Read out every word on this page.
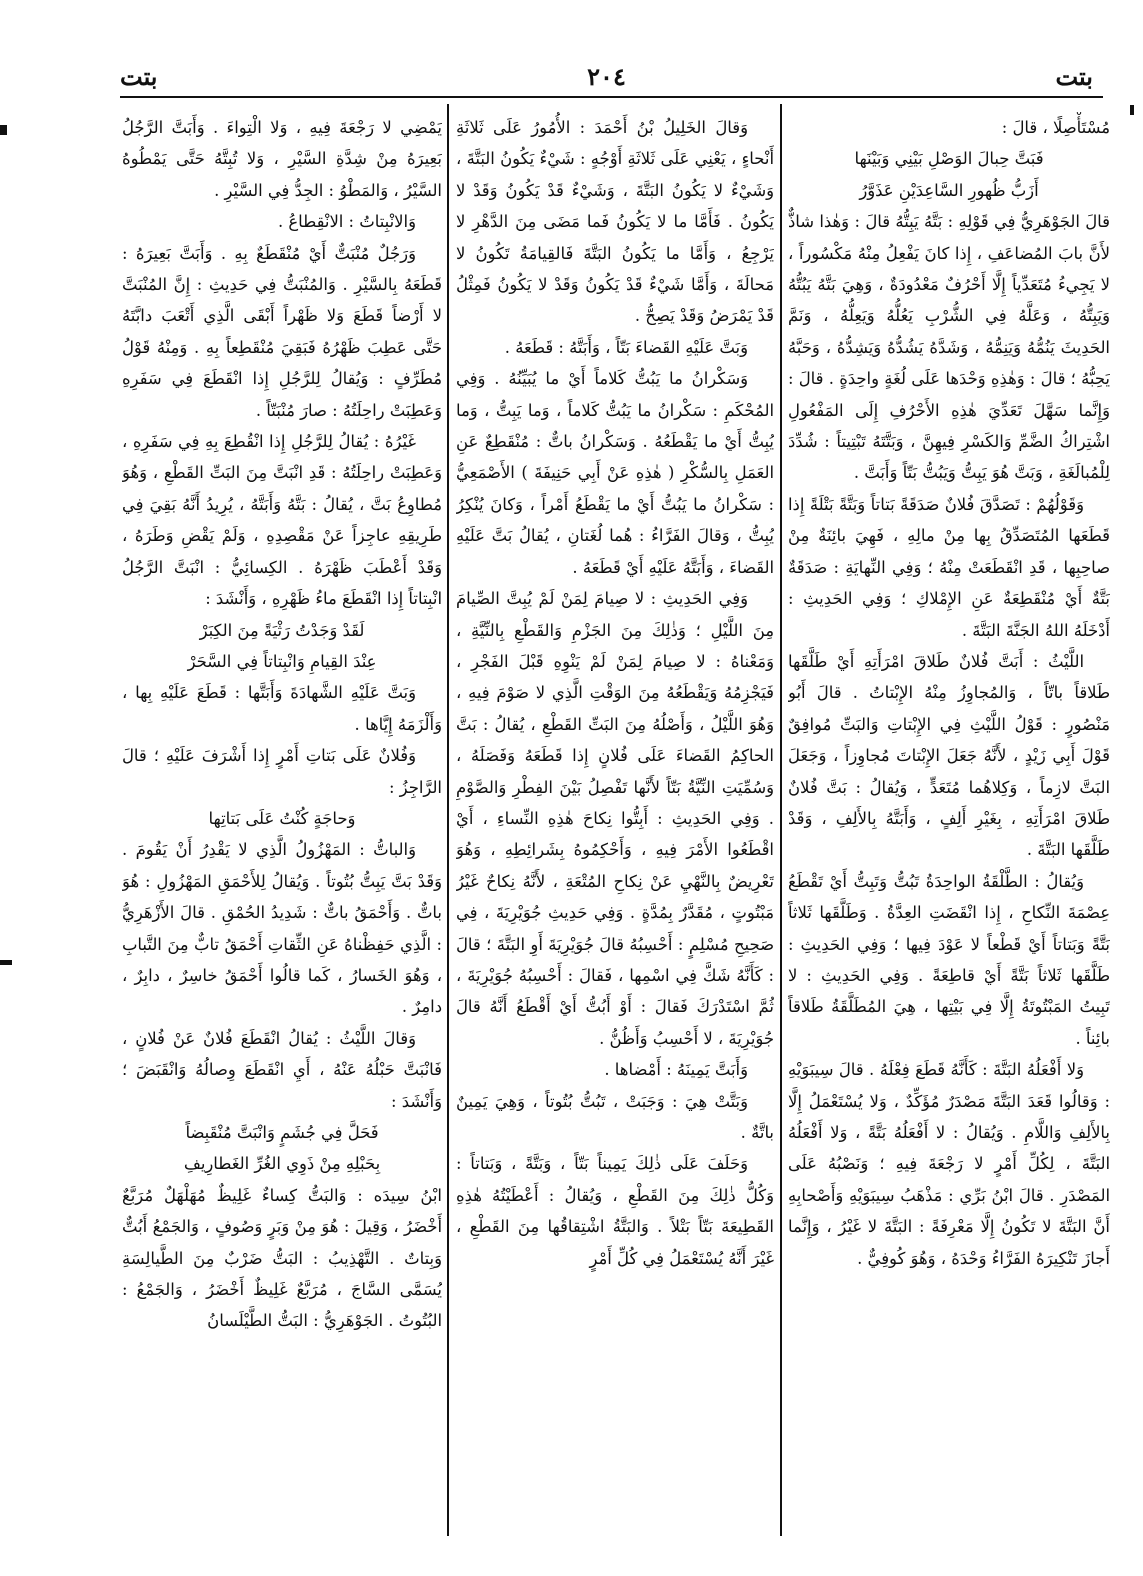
بتت	٢٠٤	بتت

مُسْتَأْصِلًا ، قالَ :

فَبَتَّ حِبالَ الوَصْلِ بَيْنِي وَبَيْنَها

أَزَبُّ ظُهورِ السَّاعِدَيْنِ عَذَوَّرُ

قالَ الجَوْهَرِيُّ فِي قَوْلِهِ : بَتَّهُ يَبِتُّهُ قالَ : وَهٰذا شاذٌّ لأَنَّ بابَ المُضاعَفِ ، إِذا كانَ يَفْعِلُ مِنْهُ مَكْسُوراً ، لا يَجِيءُ مُتَعَدِّياً إِلَّا أَحْرُفٌ مَعْدُودَةٌ ، وَهِيَ بَتَّهُ يَبُتُّهُ وَيَبِتُّهُ ، وَعَلَّهُ فِي الشُّرْبِ يَعُلُّهُ وَيَعِلُّهُ ، وَنَمَّ الحَدِيثَ يَنُمُّهُ وَيَنِمُّهُ ، وَشَدَّهُ يَشُدُّهُ وَيَشِدُّهُ ، وَحَبَّهُ يَحِبُّهُ ؛ قالَ : وَهٰذِهِ وَحْدَها عَلَى لُغَةٍ واحِدَةٍ . قالَ : وَإِنَّما سَهَّلَ تَعَدِّيَ هٰذِهِ الأَحْرُفِ إِلَى المَفْعُولِ اشْتِراكُ الضَّمِّ وَالكَسْرِ فِيهِنَّ ، وَبَتَّتَهُ تَبْتِيتاً : شُدِّدَ لِلْمُبالَغَةِ ، وَبَتَّ هُوَ يَبِتُّ وَيَبُتُّ بَتّاً وَأَبَتَّ .

وَقَوْلُهُمْ : تَصَدَّقَ فُلانٌ صَدَقَةً بَتاتاً وَبَتَّةً بَتْلَةً إِذا قَطَعَها المُتَصَدِّقُ بِها مِنْ مالِهِ ، فَهِيَ بائِنَةٌ مِنْ صاحِبِها ، قَدِ انْقَطَعَتْ مِنْهُ ؛ وَفِي النِّهايَةِ : صَدَقَةٌ بَتَّةٌ أَيْ مُنْقَطِعَةٌ عَنِ الإِمْلاكِ ؛ وَفِي الحَدِيثِ : أَدْخَلَهُ اللهُ الجَنَّةَ البَتَّةَ .

اللَّيْثُ : أَبَتَّ فُلانٌ طَلاقَ امْرَأَتِهِ أَيْ طَلَّقَها طَلاقاً باتّاً ، وَالمُجاوِزُ مِنْهُ الإِبْتاتُ . قالَ أَبُو مَنْصُورٍ : قَوْلُ اللَّيْثِ فِي الإِبْتاتِ وَالبَتِّ مُوافِقٌ قَوْلَ أَبِي زَيْدٍ ، لأَنَّهُ جَعَلَ الإِبْتاتَ مُجاوِزاً ، وَجَعَلَ البَتَّ لازِماً ، وَكِلاهُما مُتَعَدٍّ ، وَيُقالُ : بَتَّ فُلانٌ طَلاقَ امْرَأَتِهِ ، بِغَيْرِ أَلِفٍ ، وَأَبَتَّهُ بِالأَلِفِ ، وَقَدْ طَلَّقَها البَتَّةَ .

وَيُقالُ : الطَّلْقَةُ الواحِدَةُ تَبُتُّ وَتَبِتُّ أَيْ تَقْطَعُ عِصْمَةَ النِّكاحِ ، إِذا انْقَضَتِ العِدَّةُ . وَطَلَّقَها ثَلاثاً بَتَّةً وَبَتاتاً أَيْ قَطْعاً لا عَوْدَ فِيها ؛ وَفِي الحَدِيثِ : طَلَّقَها ثَلاثاً بَتَّةً أَيْ قاطِعَةً . وَفِي الحَدِيثِ : لا تَبِيتُ المَبْتُوتَةُ إِلَّا فِي بَيْتِها ، هِيَ المُطَلَّقَةُ طَلاقاً بائِناً .

وَلا أَفْعَلُهُ البَتَّةَ : كَأَنَّهُ قَطَعَ فِعْلَهُ . قالَ سِيبَوَيْهِ : وَقالُوا قَعَدَ البَتَّةَ مَصْدَرٌ مُؤَكِّدٌ ، وَلا يُسْتَعْمَلُ إِلَّا بِالأَلِفِ وَاللَّامِ . وَيُقالُ : لا أَفْعَلُهُ بَتَّةً ، وَلا أَفْعَلُهُ البَتَّةَ ، لِكُلِّ أَمْرٍ لا رَجْعَةَ فِيهِ ؛ وَنَصْبُهُ عَلَى المَصْدَرِ . قالَ ابْنُ بَرِّي : مَذْهَبُ سِيبَوَيْهِ وَأَصْحابِهِ أَنَّ البَتَّةَ لا تَكُونُ إِلَّا مَعْرِفَةً : البَتَّةَ لا غَيْرُ ، وَإِنَّما أَجازَ تَنْكِيرَهُ الفَرَّاءُ وَحْدَهُ ، وَهُوَ كُوفِيٌّ .

وَقالَ الخَلِيلُ بْنُ أَحْمَدَ : الأُمُورُ عَلَى ثَلاثَةِ أَنْحاءٍ ، يَعْنِي عَلَى ثَلاثَةِ أَوْجُهٍ : شَيْءٌ يَكُونُ البَتَّةَ ، وَشَيْءٌ لا يَكُونُ البَتَّةَ ، وَشَيْءٌ قَدْ يَكُونُ وَقَدْ لا يَكُونُ . فَأَمَّا ما لا يَكُونُ فَما مَضَى مِنَ الدَّهْرِ لا يَرْجِعُ ، وَأَمَّا ما يَكُونُ البَتَّةَ فَالقِيامَةُ تَكُونُ لا مَحالَةَ ، وَأَمَّا شَيْءٌ قَدْ يَكُونُ وَقَدْ لا يَكُونُ فَمِثْلُ قَدْ يَمْرَضُ وَقَدْ يَصِحُّ .

وَبَتَّ عَلَيْهِ القَضاءَ بَتّاً ، وَأَبَتَّهُ : قَطَعَهُ .

وَسَكْرانُ ما يَبُتُّ كَلاماً أَيْ ما يُبَيِّنُهُ . وَفِي المُحْكَمِ : سَكْرانُ ما يَبُتُّ كَلاماً ، وَما يَبِتُّ ، وَما يُبِتُّ أَيْ ما يَقْطَعُهُ . وَسَكْرانُ باتٌّ : مُنْقَطِعٌ عَنِ العَمَلِ بِالسُّكْرِ ( هٰذِهِ عَنْ أَبِي حَنِيفَةَ ) الأَصْمَعِيُّ : سَكْرانُ ما يَبُتُّ أَيْ ما يَقْطَعُ أَمْراً ، وَكانَ يُنْكِرُ يُبِتُّ ، وَقالَ الفَرَّاءُ : هُما لُغَتانِ ، يُقالُ بَتَّ عَلَيْهِ القَضاءَ ، وَأَبَتَّهُ عَلَيْهِ أَيْ قَطَعَهُ .

وَفِي الحَدِيثِ : لا صِيامَ لِمَنْ لَمْ يُبِتَّ الصِّيامَ مِنَ اللَّيْلِ ؛ وَذٰلِكَ مِنَ الجَزْمِ وَالقَطْعِ بِالنِّيَّةِ ، وَمَعْناهُ : لا صِيامَ لِمَنْ لَمْ يَنْوِهِ قَبْلَ الفَجْرِ ، فَيَجْزِمُهُ وَيَقْطَعُهُ مِنَ الوَقْتِ الَّذِي لا صَوْمَ فِيهِ ، وَهُوَ اللَّيْلُ ، وَأَصْلُهُ مِنَ البَتِّ القَطْعِ ، يُقالُ : بَتَّ الحاكِمُ القَضاءَ عَلَى فُلانٍ إِذا قَطَعَهُ وَفَصَلَهُ ، وَسُمِّيَتِ النِّيَّةُ بَتّاً لأَنَّها تَفْصِلُ بَيْنَ الفِطْرِ وَالصَّوْمِ . وَفِي الحَدِيثِ : أَبِتُّوا نِكاحَ هٰذِهِ النِّساءِ ، أَيْ اقْطَعُوا الأَمْرَ فِيهِ ، وَأَحْكِمُوهُ بِشَرائِطِهِ ، وَهُوَ تَعْرِيضٌ بِالنَّهْيِ عَنْ نِكاحِ المُتْعَةِ ، لأَنَّهُ نِكاحٌ غَيْرُ مَبْتُوتٍ ، مُقَدَّرٌ بِمُدَّةٍ . وَفِي حَدِيثِ جُوَيْرِيَةَ ، فِي صَحِيحِ مُسْلِمٍ : أَحْسِبُهُ قالَ جُوَيْرِيَةَ أَوِ البَتَّةَ ؛ قالَ : كَأَنَّهُ شَكَّ فِي اسْمِها ، فَقالَ : أَحْسِبُهُ جُوَيْرِيَةَ ، ثُمَّ اسْتَدْرَكَ فَقالَ : أَوْ أَبُتُّ أَيْ أَقْطَعُ أَنَّهُ قالَ جُوَيْرِيَةَ ، لا أَحْسِبُ وَأَظُنُّ .

وَأَبَتَّ يَمِينَهُ : أَمْضاها .

وَبَتَّتْ هِيَ : وَجَبَتْ ، تَبُتُّ بُتُوتاً ، وَهِيَ يَمِينٌ باتَّةٌ .

وَحَلَفَ عَلَى ذٰلِكَ يَمِيناً بَتّاً ، وَبَتَّةً ، وَبَتاتاً : وَكُلُّ ذٰلِكَ مِنَ القَطْعِ ، وَيُقالُ : أَعْطَيْتُهُ هٰذِهِ القَطِيعَةَ بَتّاً بَتْلاً . وَالبَتَّةُ اشْتِقاقُها مِنَ القَطْعِ ، غَيْرَ أَنَّهُ يُسْتَعْمَلُ فِي كُلِّ أَمْرٍ

يَمْضِي لا رَجْعَةَ فِيهِ ، وَلا الْتِواءَ . وَأَبَتَّ الرَّجُلُ بَعِيرَهُ مِنْ شِدَّةِ السَّيْرِ ، وَلا تُبِتَّهُ حَتَّى يَمْطُوهُ السَّيْرُ ، وَالمَطْوُ : الجِدُّ فِي السَّيْرِ .

وَالانْبِتاتُ : الانْقِطاعُ .

وَرَجُلٌ مُنْبَتٌّ أَيْ مُنْقَطَعٌ بِهِ . وَأَبَتَّ بَعِيرَهُ : قَطَعَهُ بِالسَّيْرِ . وَالمُنْبَتُّ فِي حَدِيثِ : إِنَّ المُنْبَتَّ لا أَرْضاً قَطَعَ وَلا ظَهْراً أَبْقَى الَّذِي أَتْعَبَ دابَّتَهُ حَتَّى عَطِبَ ظَهْرُهُ فَبَقِيَ مُنْقَطِعاً بِهِ . وَمِنْهُ قَوْلُ مُطَرِّفٍ : وَيُقالُ لِلرَّجُلِ إِذا انْقَطَعَ فِي سَفَرِهِ وَعَطِبَتْ راحِلَتُهُ : صارَ مُنْبَتّاً .

غَيْرُهُ : يُقالُ لِلرَّجُلِ إِذا انْقُطِعَ بِهِ فِي سَفَرِهِ ، وَعَطِبَتْ راحِلَتُهُ : قَدِ انْبَتَّ مِنَ البَتِّ القَطْعِ ، وَهُوَ مُطاوِعُ بَتَّ ، يُقالُ : بَتَّهُ وَأَبَتَّهُ ، يُرِيدُ أَنَّهُ بَقِيَ فِي طَرِيقِهِ عاجِزاً عَنْ مَقْصِدِهِ ، وَلَمْ يَقْضِ وَطَرَهُ ، وَقَدْ أَعْطَبَ ظَهْرَهُ . الكِسائِيُّ : انْبَتَّ الرَّجُلُ انْبِتاتاً إِذا انْقَطَعَ ماءُ ظَهْرِهِ ، وَأَنْشَدَ :

لَقَدْ وَجَدْتُ رَثْيَةً مِنَ الكِبَرْ

عِنْدَ القِيامِ وَانْبِتاتاً فِي السَّحَرْ

وَبَتَّ عَلَيْهِ الشَّهادَةَ وَأَبَتَّها : قَطَعَ عَلَيْهِ بِها ، وَأَلْزَمَهُ إِيَّاها .

وَفُلانٌ عَلَى بَتاتِ أَمْرٍ إِذا أَشْرَفَ عَلَيْهِ ؛ قالَ الرَّاجِزُ :

وَحاجَةٍ كُنْتُ عَلَى بَتاتِها

وَالباتُّ : المَهْزُولُ الَّذِي لا يَقْدِرُ أَنْ يَقُومَ . وَقَدْ بَتَّ يَبِتُّ بُتُوتاً . وَيُقالُ لِلأَحْمَقِ المَهْزُولِ : هُوَ باتٌّ . وَأَحْمَقُ باتٌّ : شَدِيدُ الحُمْقِ . قالَ الأَزْهَرِيُّ : الَّذِي حَفِظْناهُ عَنِ الثِّقاتِ أَحْمَقُ تابٌّ مِنَ التَّبابِ ، وَهُوَ الخَسارُ ، كَما قالُوا أَحْمَقُ خاسِرٌ ، دابِرٌ ، دامِرٌ .

وَقالَ اللَّيْثُ : يُقالُ انْقَطَعَ فُلانٌ عَنْ فُلانٍ ، فَانْبَتَّ حَبْلُهُ عَنْهُ ، أَيِ انْقَطَعَ وِصالُهُ وَانْقَبَضَ ؛ وَأَنْشَدَ :

فَحَلَّ فِي جُشَمٍ وَانْبَتَّ مُنْقَبِضاً

بِحَبْلِهِ مِنْ ذَوِي الغُرِّ الغَطارِيفِ

ابْنُ سِيدَه : وَالبَتُّ كِساءٌ غَلِيظٌ مُهَلْهَلٌ مُرَبَّعٌ أَخْضَرُ ، وَقِيلَ : هُوَ مِنْ وَبَرٍ وَصُوفٍ ، وَالجَمْعُ أَبُتٌّ وَبِتاتٌ . التَّهْذِيبُ : البَتُّ ضَرْبٌ مِنَ الطَّيالِسَةِ يُسَمَّى السَّاجَ ، مُرَبَّعٌ غَلِيظٌ أَخْضَرُ ، وَالجَمْعُ : البُتُوتُ . الجَوْهَرِيُّ : البَتُّ الطَّيْلَسانُ
